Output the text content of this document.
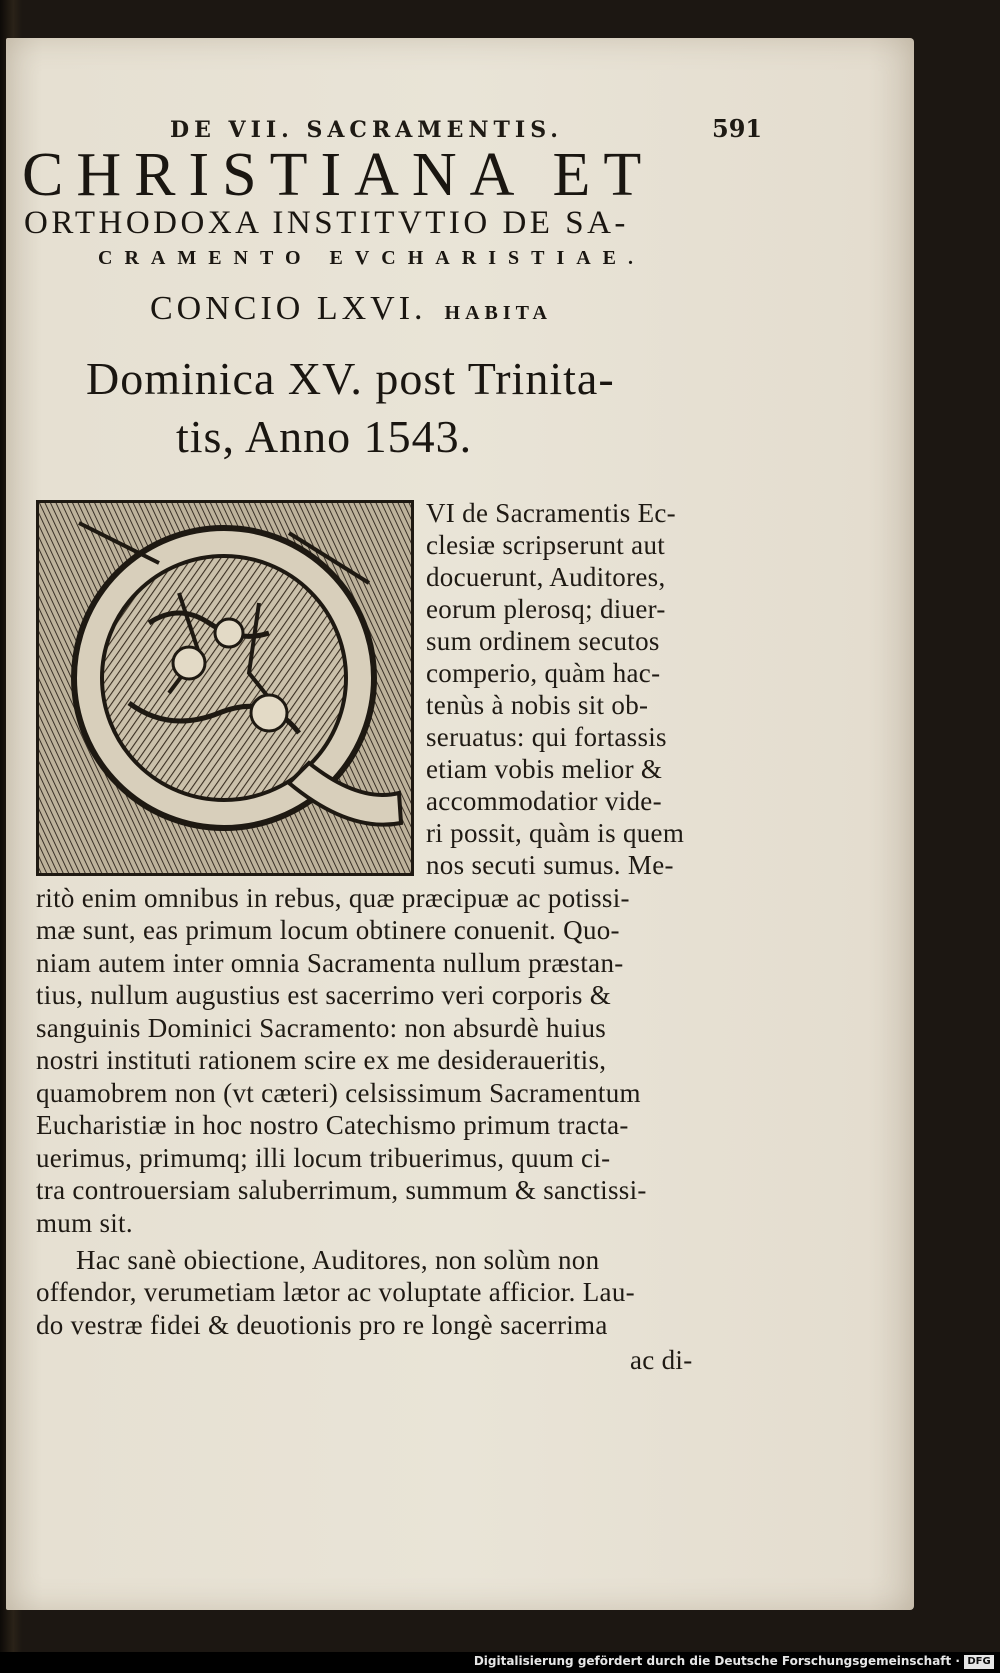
DE VII. SACRAMENTIS.	591
CHRISTIANA ET
ORTHODOXA INSTITVTIO DE SA-
CRAMENTO EVCHARISTIAE.
CONCIO LXVI. HABITA
Dominica XV. post Trinita-
tis, Anno 1543.
VI de Sacramentis Ec-
clesiæ scripserunt aut
docuerunt, Auditores,
eorum plerosq; diuer-
sum ordinem secutos
comperio, quàm hac-
tenùs à nobis sit ob-
seruatus: qui fortassis
etiam vobis melior &
accommodatior vide-
ri possit, quàm is quem
nos secuti sumus. Me-
ritò enim omnibus in rebus, quæ præcipuæ ac potissi-
mæ sunt, eas primum locum obtinere conuenit. Quo-
niam autem inter omnia Sacramenta nullum præstan-
tius, nullum augustius est sacerrimo veri corporis &
sanguinis Dominici Sacramento: non absurdè huius
nostri instituti rationem scire ex me desideraueritis,
quamobrem non (vt cæteri) celsissimum Sacramentum
Eucharistiæ in hoc nostro Catechismo primum tracta-
uerimus, primumq; illi locum tribuerimus, quum ci-
tra controuersiam saluberrimum, summum & sanctissi-
mum sit.
Hac sanè obiectione, Auditores, non solùm non
offendor, verumetiam lætor ac voluptate afficior. Lau-
do vestræ fidei & deuotionis pro re longè sacerrima
ac di-
Digitalisierung gefördert durch die Deutsche Forschungsgemeinschaft · DFG
